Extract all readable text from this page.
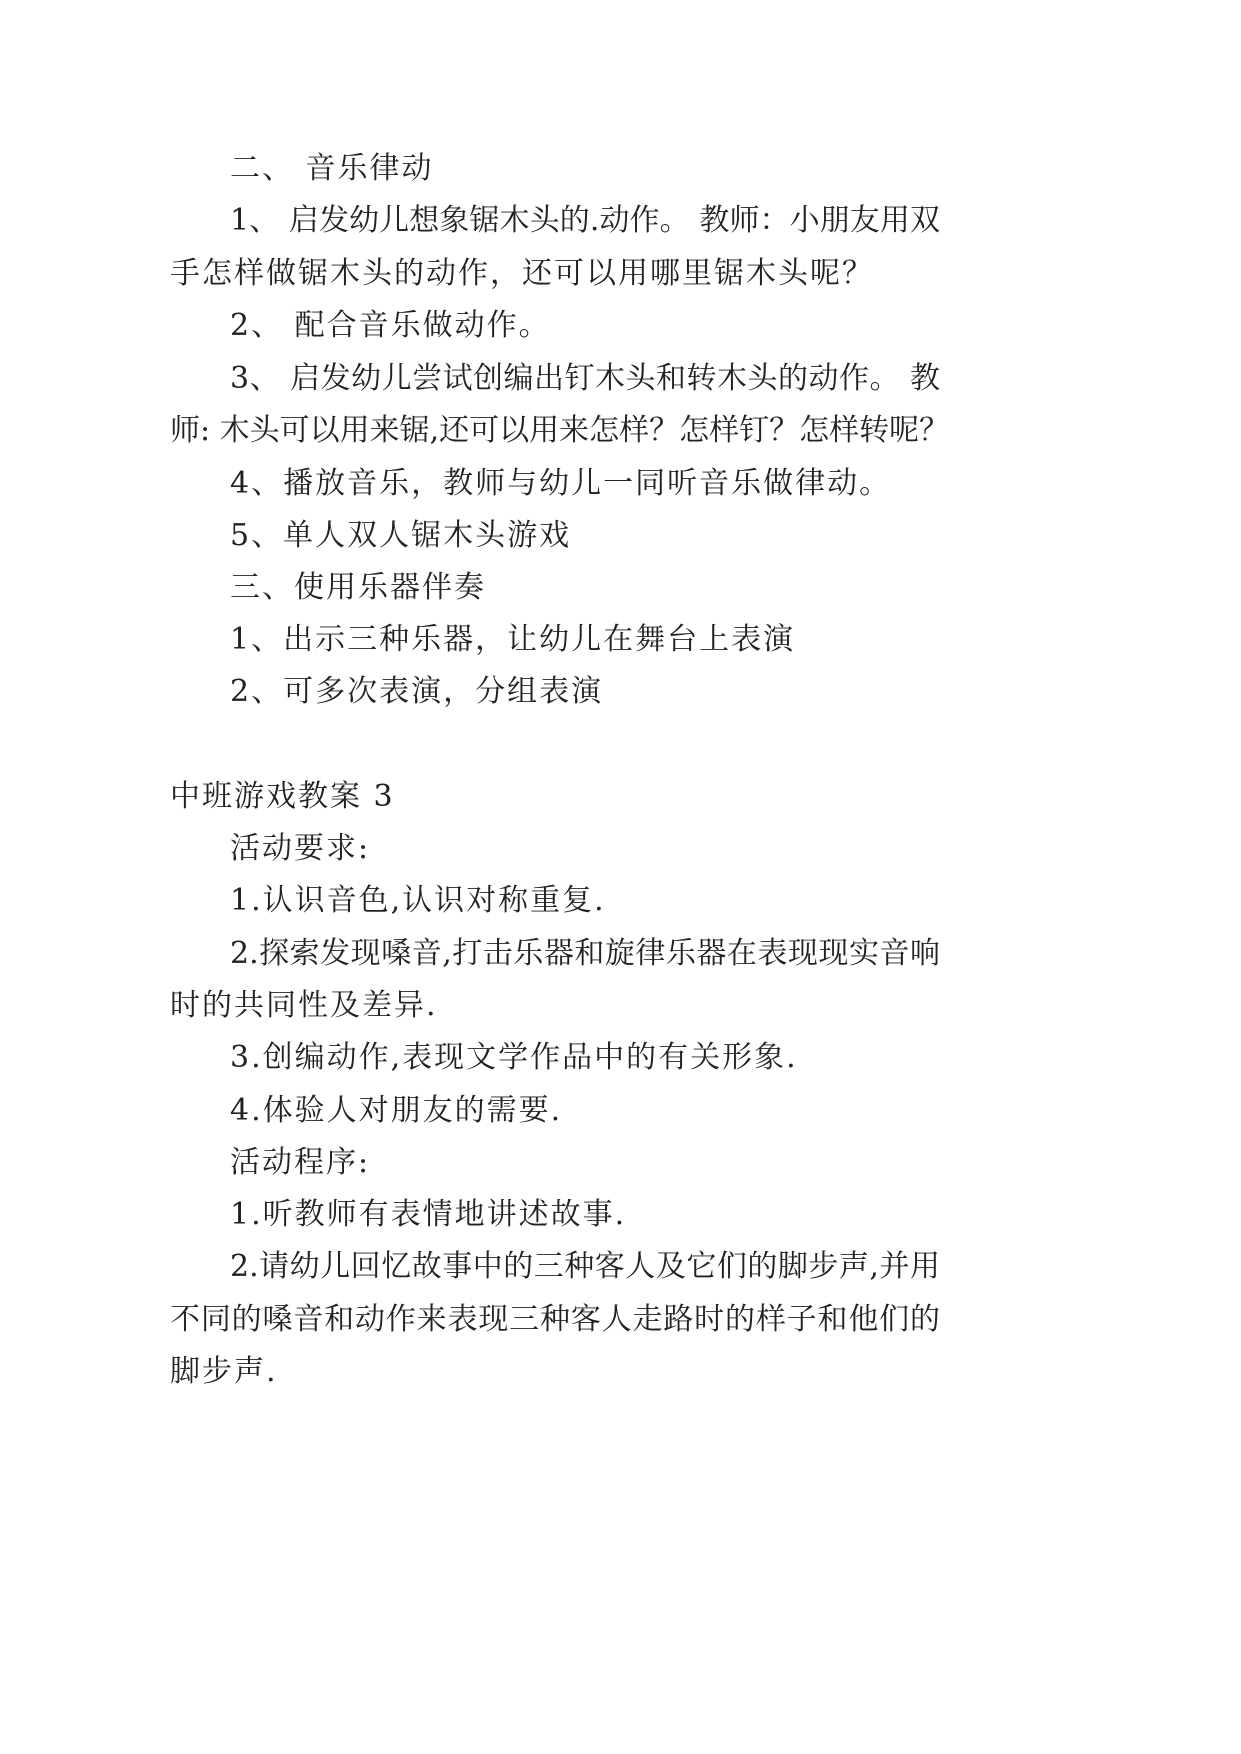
二、 音乐律动
1、 启发幼儿想象锯木头的.动作。 教师：小朋友用双
手怎样做锯木头的动作，还可以用哪里锯木头呢？
2、 配合音乐做动作。
3、 启发幼儿尝试创编出钉木头和转木头的动作。 教
师: 木头可以用来锯,还可以用来怎样？怎样钉？怎样转呢？
4、播放音乐，教师与幼儿一同听音乐做律动。
5、单人双人锯木头游戏
三、使用乐器伴奏
1、出示三种乐器，让幼儿在舞台上表演
2、可多次表演，分组表演
中班游戏教案 3
活动要求:
1.认识音色,认识对称重复.
2.探索发现嗓音,打击乐器和旋律乐器在表现现实音响
时的共同性及差异.
3.创编动作,表现文学作品中的有关形象.
4.体验人对朋友的需要.
活动程序:
1.听教师有表情地讲述故事.
2.请幼儿回忆故事中的三种客人及它们的脚步声,并用
不同的嗓音和动作来表现三种客人走路时的样子和他们的
脚步声.
